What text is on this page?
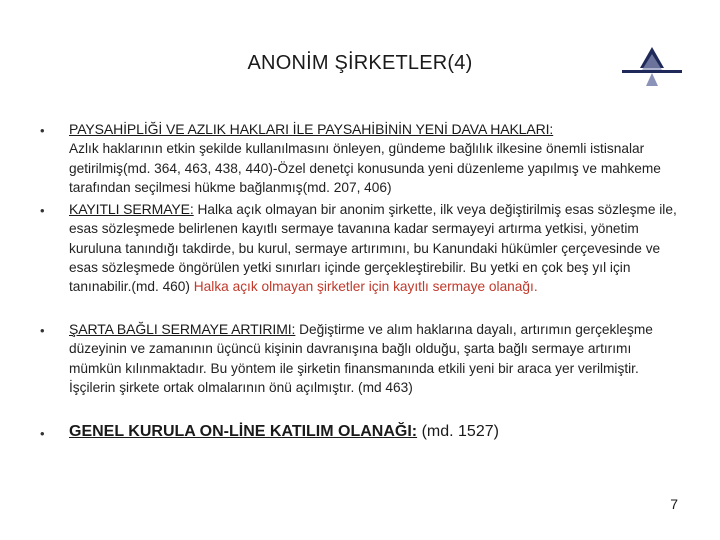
ANONİM ŞİRKETLER(4)
• PAYSAHİPLİĞİ VE AZLIK HAKLARI İLE PAYSAHİBİNİN YENİ DAVA HAKLARI:
Azlık haklarının etkin şekilde kullanılmasını önleyen, gündeme bağlılık ilkesine önemli istisnalar getirilmiş(md. 364, 463, 438, 440)-Özel denetçi konusunda yeni düzenleme yapılmış ve mahkeme tarafından seçilmesi hükme bağlanmış(md. 207, 406)
• KAYITLI SERMAYE: Halka açık olmayan bir anonim şirkette, ilk veya değiştirilmiş esas sözleşme ile, esas sözleşmede belirlenen kayıtlı sermaye tavanına kadar sermayeyi artırma yetkisi, yönetim kuruluna tanındığı takdirde, bu kurul, sermaye artırımını, bu Kanundaki hükümler çerçevesinde ve esas sözleşmede öngörülen yetki sınırları içinde gerçekleştirebilir. Bu yetki en çok beş yıl için tanınabilir.(md. 460) Halka açık olmayan şirketler için kayıtlı sermaye olanağı.
• ŞARTA BAĞLI SERMAYE ARTIRIMI: Değiştirme ve alım haklarına dayalı, artırımın gerçekleşme düzeyinin ve zamanının üçüncü kişinin davranışına bağlı olduğu, şarta bağlı sermaye artırımı mümkün kılınmaktadır. Bu yöntem ile şirketin finansmanında etkili yeni bir araca yer verilmiştir. İşçilerin şirkete ortak olmalarının önü açılmıştır. (md 463)
• GENEL KURULA ON-LİNE KATILIM OLANAĞI: (md. 1527)
7
